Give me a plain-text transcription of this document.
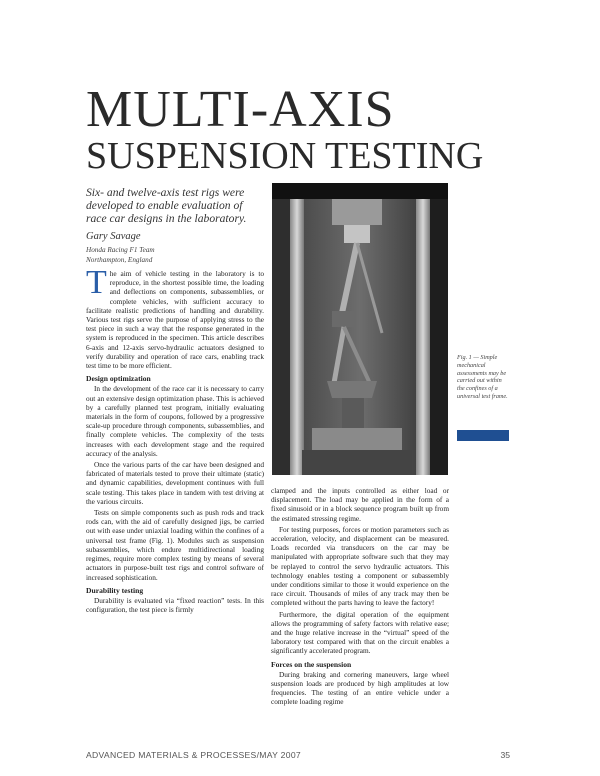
MULTI-AXIS
SUSPENSION TESTING
Six- and twelve-axis test rigs were developed to enable evaluation of race car designs in the laboratory.
Gary Savage
Honda Racing F1 Team
Northampton, England

The aim of vehicle testing in the laboratory is to reproduce, in the shortest possible time, the loading and deflections on components, subassemblies, or complete vehicles, with sufficient accuracy to facilitate realistic predictions of handling and durability. Various test rigs serve the purpose of applying stress to the test piece in such a way that the response generated in the system is reproduced in the specimen. This article describes 6-axis and 12-axis servo-hydraulic actuators designed to verify durability and operation of race cars, enabling track test time to be more efficient.

Design optimization

In the development of the race car it is necessary to carry out an extensive design optimization phase. This is achieved by a carefully planned test program, initially evaluating materials in the form of coupons, followed by a progressive scale-up procedure through components, subassemblies, and finally complete vehicles. The complexity of the tests increases with each development stage and the required accuracy of the analysis.

Once the various parts of the car have been designed and fabricated of materials tested to prove their ultimate (static) and dynamic capabilities, development continues with full scale testing. This takes place in tandem with test driving at the various circuits.

Tests on simple components such as push rods and track rods can, with the aid of carefully designed jigs, be carried out with ease under uniaxial loading within the confines of a universal test frame (Fig. 1). Modules such as suspension subassemblies, which endure multidirectional loading regimes, require more complex testing by means of several actuators in purpose-built test rigs and control software of increased sophistication.

Durability testing

Durability is evaluated via “fixed reaction” tests. In this configuration, the test piece is firmly

Fig. 1 — Simple mechanical assessments may be carried out within the confines of a universal test frame.

clamped and the inputs controlled as either load or displacement. The load may be applied in the form of a fixed sinusoid or in a block sequence program built up from the estimated stressing regime.

For testing purposes, forces or motion parameters such as acceleration, velocity, and displacement can be measured. Loads recorded via transducers on the car may be manipulated with appropriate software such that they may be replayed to control the servo hydraulic actuators. This technology enables testing a component or subassembly under conditions similar to those it would experience on the race circuit. Thousands of miles of any track may then be completed without the parts having to leave the factory!

Furthermore, the digital operation of the equipment allows the programming of safety factors with relative ease; and the huge relative increase in the “virtual” speed of the laboratory test compared with that on the circuit enables a significantly accelerated program.

Forces on the suspension

During braking and cornering maneuvers, large wheel suspension loads are produced by high amplitudes at low frequencies. The testing of an entire vehicle under a complete loading regime

ADVANCED MATERIALS & PROCESSES/MAY 2007	35
